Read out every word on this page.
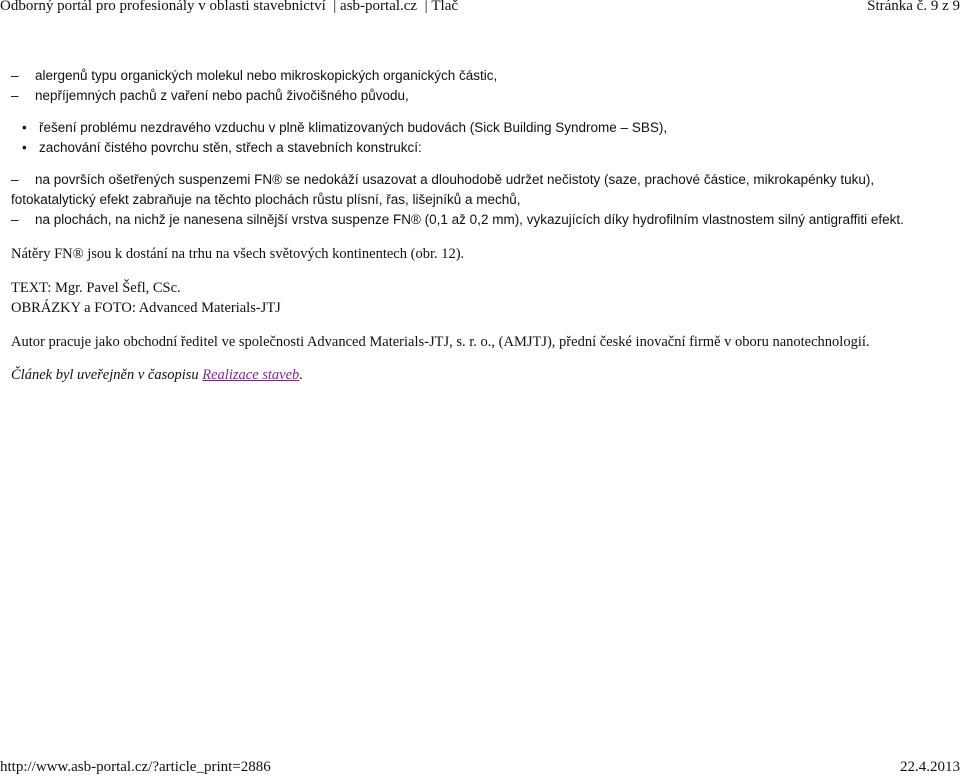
Odborný portál pro profesionály v oblasti stavebnictví  | asb-portal.cz  | Tlač	Stránka č. 9 z 9
–	alergenů typu organických molekul nebo mikroskopických organických částic,
–	nepříjemných pachů z vaření nebo pachů živočišného původu,
• řešení problému nezdravého vzduchu v plně klimatizovaných budovách (Sick Building Syndrome – SBS),
• zachování čistého povrchu stěn, střech a stavebních konstrukcí:
– na površích ošetřených suspenzemi FN® se nedokáží usazovat a dlouhodobě udržet nečistoty (saze, prachové částice, mikrokapénky tuku), fotokatalytický efekt zabraňuje na těchto plochách růstu plísní, řas, lišejníků a mechů,
– na plochách, na nichž je nanesena silnější vrstva suspenze FN® (0,1 až 0,2 mm), vykazujících díky hydrofilním vlastnostem silný antigraffiti efekt.
Nátěry FN® jsou k dostání na trhu na všech světových kontinentech (obr. 12).
TEXT: Mgr. Pavel Šefl, CSc.
OBRÁZKY a FOTO: Advanced Materials-JTJ
Autor pracuje jako obchodní ředitel ve společnosti Advanced Materials-JTJ, s. r. o., (AMJTJ), přední české inovační firmě v oboru nanotechnologií.
Článek byl uveřejněn v časopisu Realizace staveb.
http://www.asb-portal.cz/?article_print=2886	22.4.2013
